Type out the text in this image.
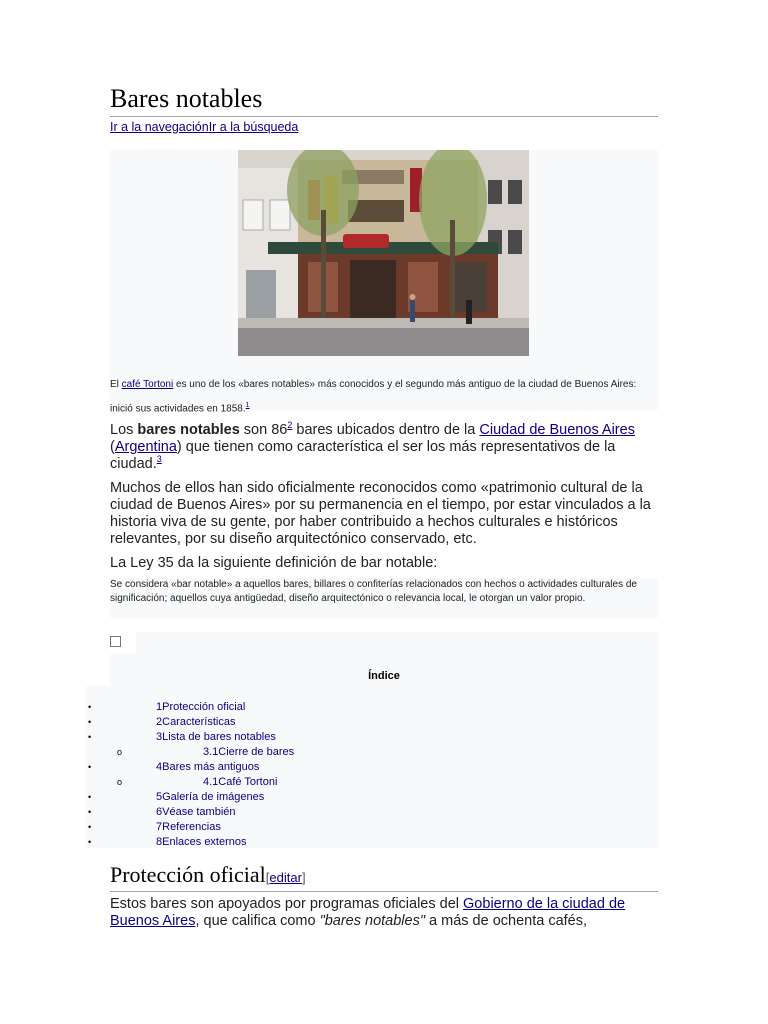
Bares notables
Ir a la navegaciónIr a la búsqueda
El café Tortoni es uno de los «bares notables» más conocidos y el segundo más antiguo de la ciudad de Buenos Aires: inició sus actividades en 1858.$^1$
Los bares notables son 86$^2$ bares ubicados dentro de la Ciudad de Buenos Aires (Argentina) que tienen como característica el ser los más representativos de la ciudad.$^3$
Muchos de ellos han sido oficialmente reconocidos como «patrimonio cultural de la ciudad de Buenos Aires» por su permanencia en el tiempo, por estar vinculados a la historia viva de su gente, por haber contribuido a hechos culturales e históricos relevantes, por su diseño arquitectónico conservado, etc.
La Ley 35 da la siguiente definición de bar notable:
Se considera «bar notable» a aquellos bares, billares o confiterías relacionados con hechos o actividades culturales de significación; aquellos cuya antigüedad, diseño arquitectónico o relevancia local, le otorgan un valor propio.
Índice
•	1Protección oficial
•	2Características
•	3Lista de bares notables
o	3.1Cierre de bares
•	4Bares más antiguos
o	4.1Café Tortoni
•	5Galería de imágenes
•	6Véase también
•	7Referencias
•	8Enlaces externos
Protección oficial[editar]
Estos bares son apoyados por programas oficiales del Gobierno de la ciudad de Buenos Aires, que califica como "bares notables" a más de ochenta cafés,
